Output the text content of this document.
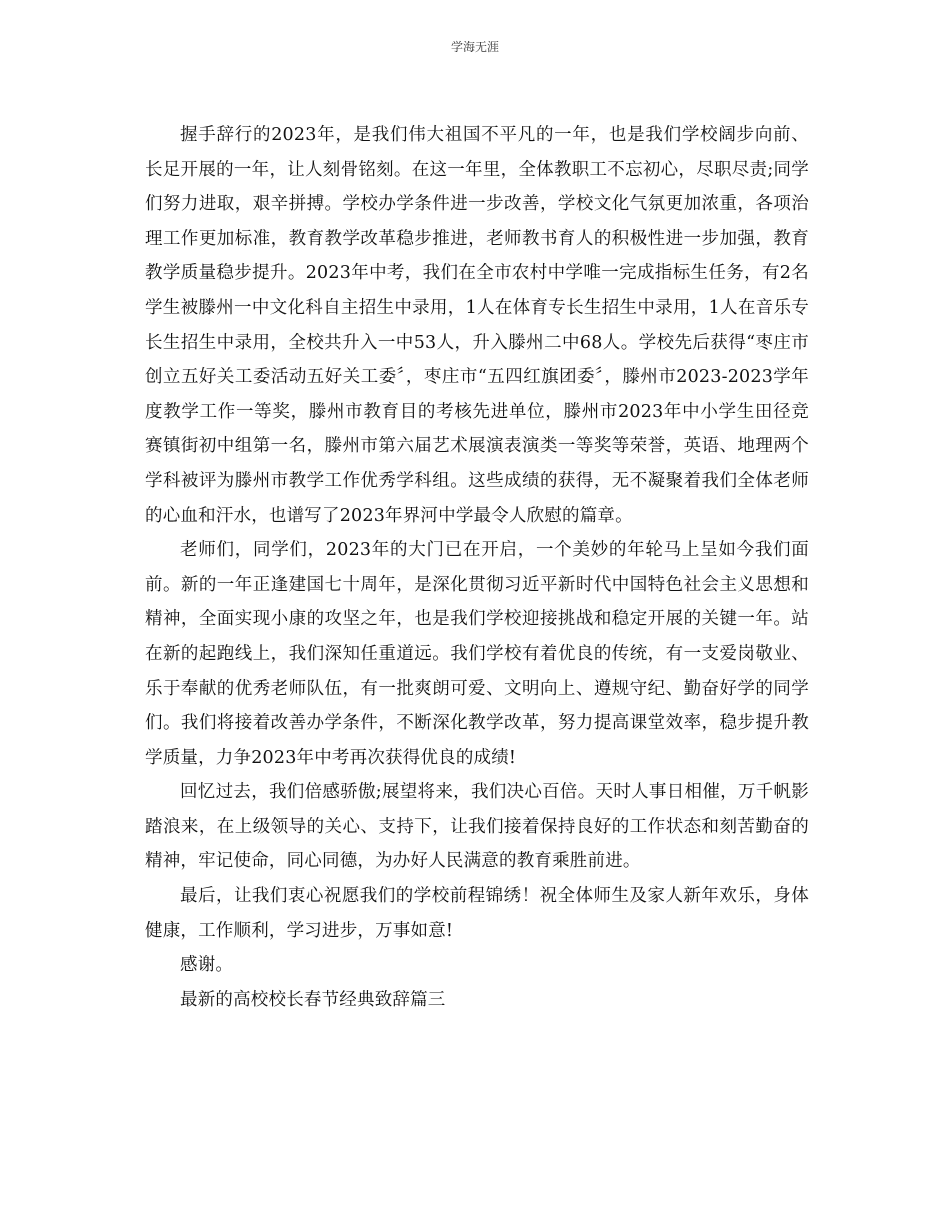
学海无涯

握手辞行的2023年，是我们伟大祖国不平凡的一年，也是我们学校阔步向前、长足开展的一年，让人刻骨铭刻。在这一年里，全体教职工不忘初心，尽职尽责;同学们努力进取，艰辛拼搏。学校办学条件进一步改善，学校文化气氛更加浓重，各项治理工作更加标准，教育教学改革稳步推进，老师教书育人的积极性进一步加强，教育教学质量稳步提升。2023年中考，我们在全市农村中学唯一完成指标生任务，有2名学生被滕州一中文化科自主招生中录用，1人在体育专长生招生中录用，1人在音乐专长生招生中录用，全校共升入一中53人，升入滕州二中68人。学校先后获得“枣庄市创立五好关工委活动五好关工委〞，枣庄市“五四红旗团委〞，滕州市2023-2023学年度教学工作一等奖，滕州市教育目的考核先进单位，滕州市2023年中小学生田径竞赛镇街初中组第一名，滕州市第六届艺术展演表演类一等奖等荣誉，英语、地理两个学科被评为滕州市教学工作优秀学科组。这些成绩的获得，无不凝聚着我们全体老师的心血和汗水，也谱写了2023年界河中学最令人欣慰的篇章。

老师们，同学们，2023年的大门已在开启，一个美妙的年轮马上呈如今我们面前。新的一年正逢建国七十周年，是深化贯彻习近平新时代中国特色社会主义思想和精神，全面实现小康的攻坚之年，也是我们学校迎接挑战和稳定开展的关键一年。站在新的起跑线上，我们深知任重道远。我们学校有着优良的传统，有一支爱岗敬业、乐于奉献的优秀老师队伍，有一批爽朗可爱、文明向上、遵规守纪、勤奋好学的同学们。我们将接着改善办学条件，不断深化教学改革，努力提高课堂效率，稳步提升教学质量，力争2023年中考再次获得优良的成绩!

回忆过去，我们倍感骄傲;展望将来，我们决心百倍。天时人事日相催，万千帆影踏浪来，在上级领导的关心、支持下，让我们接着保持良好的工作状态和刻苦勤奋的精神，牢记使命，同心同德，为办好人民满意的教育乘胜前进。

最后，让我们衷心祝愿我们的学校前程锦绣！祝全体师生及家人新年欢乐，身体健康，工作顺利，学习进步，万事如意!

感谢。

最新的高校校长春节经典致辞篇三
